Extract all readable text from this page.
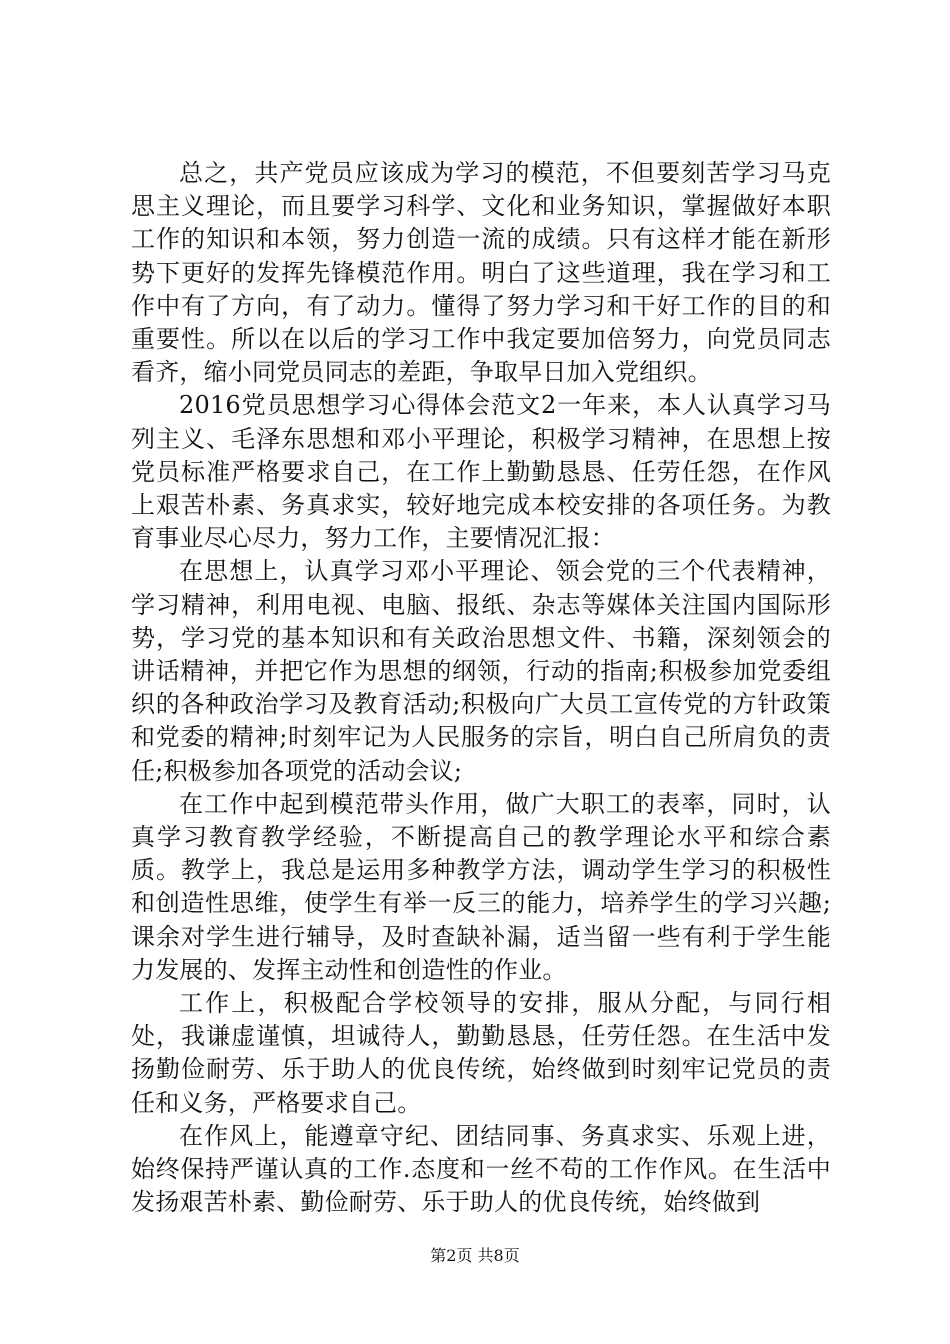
总之，共产党员应该成为学习的模范，不但要刻苦学习马克思主义理论，而且要学习科学、文化和业务知识，掌握做好本职工作的知识和本领，努力创造一流的成绩。只有这样才能在新形势下更好的发挥先锋模范作用。明白了这些道理，我在学习和工作中有了方向，有了动力。懂得了努力学习和干好工作的目的和重要性。所以在以后的学习工作中我定要加倍努力，向党员同志看齐，缩小同党员同志的差距，争取早日加入党组织。

2016党员思想学习心得体会范文2一年来，本人认真学习马列主义、毛泽东思想和邓小平理论，积极学习精神，在思想上按党员标准严格要求自己，在工作上勤勤恳恳、任劳任怨，在作风上艰苦朴素、务真求实，较好地完成本校安排的各项任务。为教育事业尽心尽力，努力工作，主要情况汇报：

在思想上，认真学习邓小平理论、领会党的三个代表精神，学习精神，利用电视、电脑、报纸、杂志等媒体关注国内国际形势，学习党的基本知识和有关政治思想文件、书籍，深刻领会的讲话精神，并把它作为思想的纲领，行动的指南;积极参加党委组织的各种政治学习及教育活动;积极向广大员工宣传党的方针政策和党委的精神;时刻牢记为人民服务的宗旨，明白自己所肩负的责任;积极参加各项党的活动会议;

在工作中起到模范带头作用，做广大职工的表率，同时，认真学习教育教学经验，不断提高自己的教学理论水平和综合素质。教学上，我总是运用多种教学方法，调动学生学习的积极性和创造性思维，使学生有举一反三的能力，培养学生的学习兴趣;课余对学生进行辅导，及时查缺补漏，适当留一些有利于学生能力发展的、发挥主动性和创造性的作业。

工作上，积极配合学校领导的安排，服从分配，与同行相处，我谦虚谨慎，坦诚待人，勤勤恳恳，任劳任怨。在生活中发扬勤俭耐劳、乐于助人的优良传统，始终做到时刻牢记党员的责任和义务，严格要求自己。

在作风上，能遵章守纪、团结同事、务真求实、乐观上进，始终保持严谨认真的工作.态度和一丝不苟的工作作风。在生活中发扬艰苦朴素、勤俭耐劳、乐于助人的优良传统，始终做到

第2页 共8页
